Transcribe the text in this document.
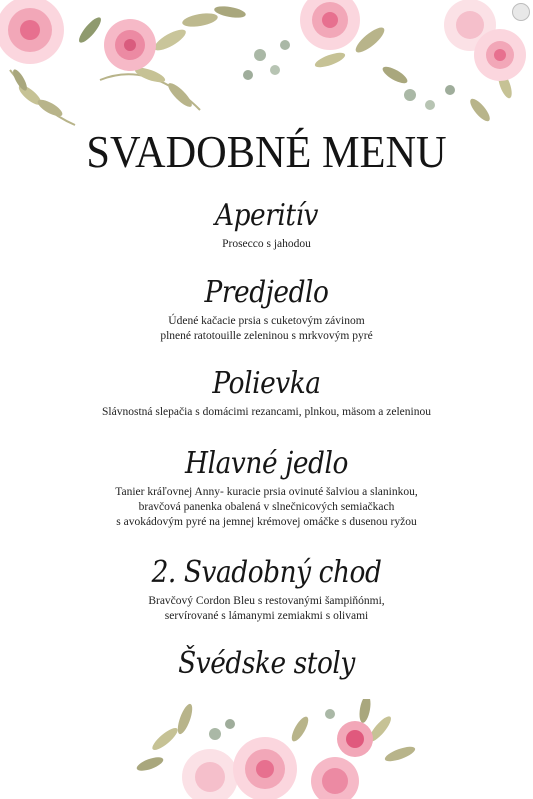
SVADOBNÉ MENU
Aperitív
Prosecco s jahodou
Predjedlo
Údené kačacie prsia s cuketovým závinom
plnené ratotouille zeleninou s mrkvovým pyré
Polievka
Slávnostná slepačia s domácimi rezancami, plnkou, mäsom a zeleninou
Hlavné jedlo
Tanier kráľovnej Anny- kuracie prsia ovinuté šalviou a slaninkou,
bravčová panenka obalená v slnečnicových semiačkach
s avokádovým pyré na jemnej krémovej omáčke s dusenou ryžou
2. Svadobný chod
Bravčový Cordon Bleu s restovanými šampiňónmi,
servírované s lámanymi zemiakmi s olivami
Švédske stoly
